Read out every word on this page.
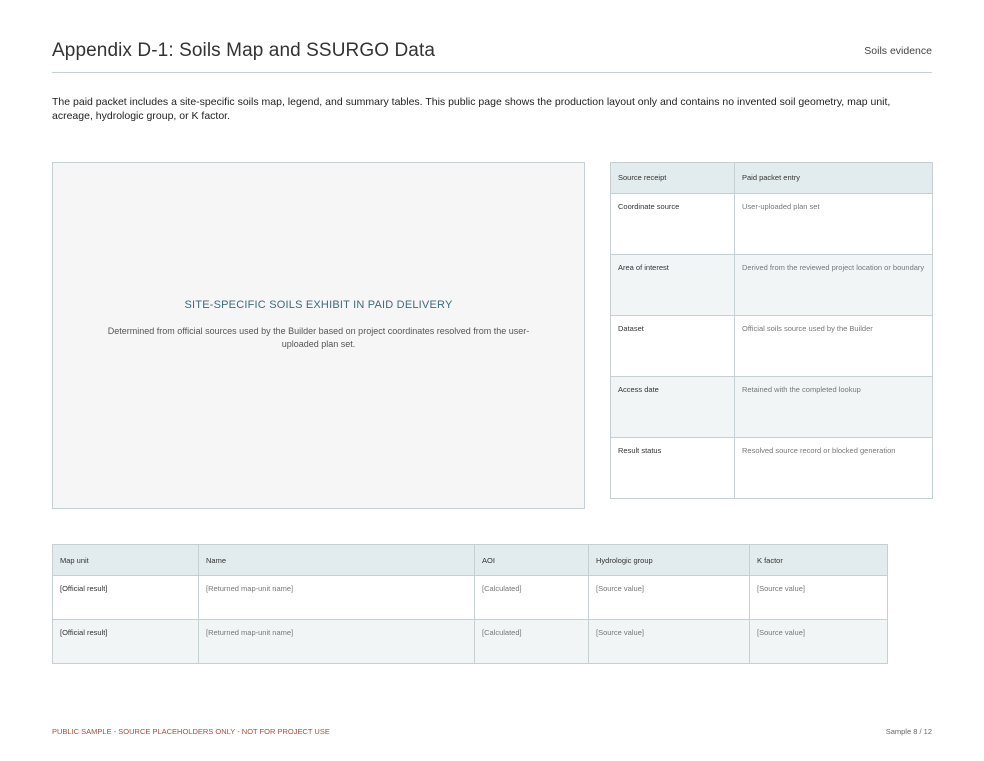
Appendix D-1: Soils Map and SSURGO Data	Soils evidence
The paid packet includes a site-specific soils map, legend, and summary tables. This public page shows the production layout only and contains no invented soil geometry, map unit, acreage, hydrologic group, or K factor.
SITE-SPECIFIC SOILS EXHIBIT IN PAID DELIVERY
Determined from official sources used by the Builder based on project coordinates resolved from the user-uploaded plan set.
Source receipt	Paid packet entry
Coordinate source	User-uploaded plan set
Area of interest	Derived from the reviewed project location or boundary
Dataset	Official soils source used by the Builder
Access date	Retained with the completed lookup
Result status	Resolved source record or blocked generation
Map unit	Name	AOI	Hydrologic group	K factor
[Official result]	[Returned map-unit name]	[Calculated]	[Source value]	[Source value]
[Official result]	[Returned map-unit name]	[Calculated]	[Source value]	[Source value]
PUBLIC SAMPLE - SOURCE PLACEHOLDERS ONLY - NOT FOR PROJECT USE	Sample 8 / 12
